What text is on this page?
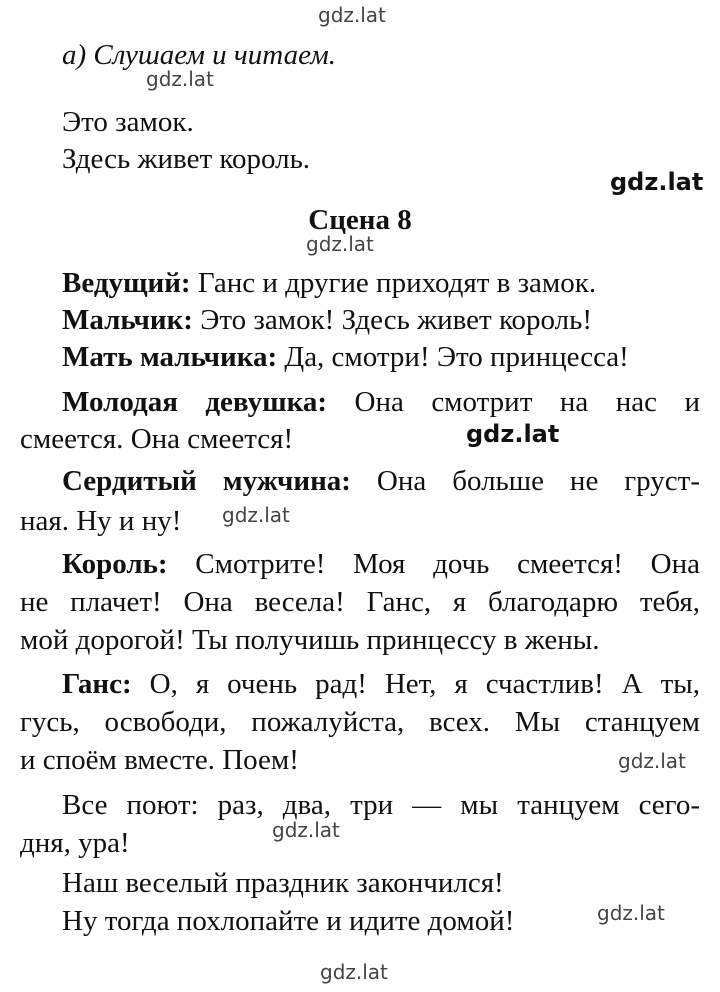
gdz.lat
gdz.lat
gdz.lat
gdz.lat
gdz.lat
gdz.lat
gdz.lat
gdz.lat
gdz.lat
gdz.lat
а) Слушаем и читаем.
Это замок.
Здесь живет король.
Сцена 8
Ведущий: Ганс и другие приходят в замок.
Мальчик: Это замок! Здесь живет король!
Мать мальчика: Да, смотри! Это принцесса!
Молодая девушка: Она смотрит на нас и
смеется. Она смеется!
Сердитый мужчина: Она больше не груст-
ная. Ну и ну!
Король: Смотрите! Моя дочь смеется! Она
не плачет! Она весела! Ганс, я благодарю тебя,
мой дорогой! Ты получишь принцессу в жены.
Ганс: О, я очень рад! Нет, я счастлив! А ты,
гусь, освободи, пожалуйста, всех. Мы станцуем
и споём вместе. Поем!
Все поют: раз, два, три — мы танцуем сего-
дня, ура!
Наш веселый праздник закончился!
Ну тогда похлопайте и идите домой!
